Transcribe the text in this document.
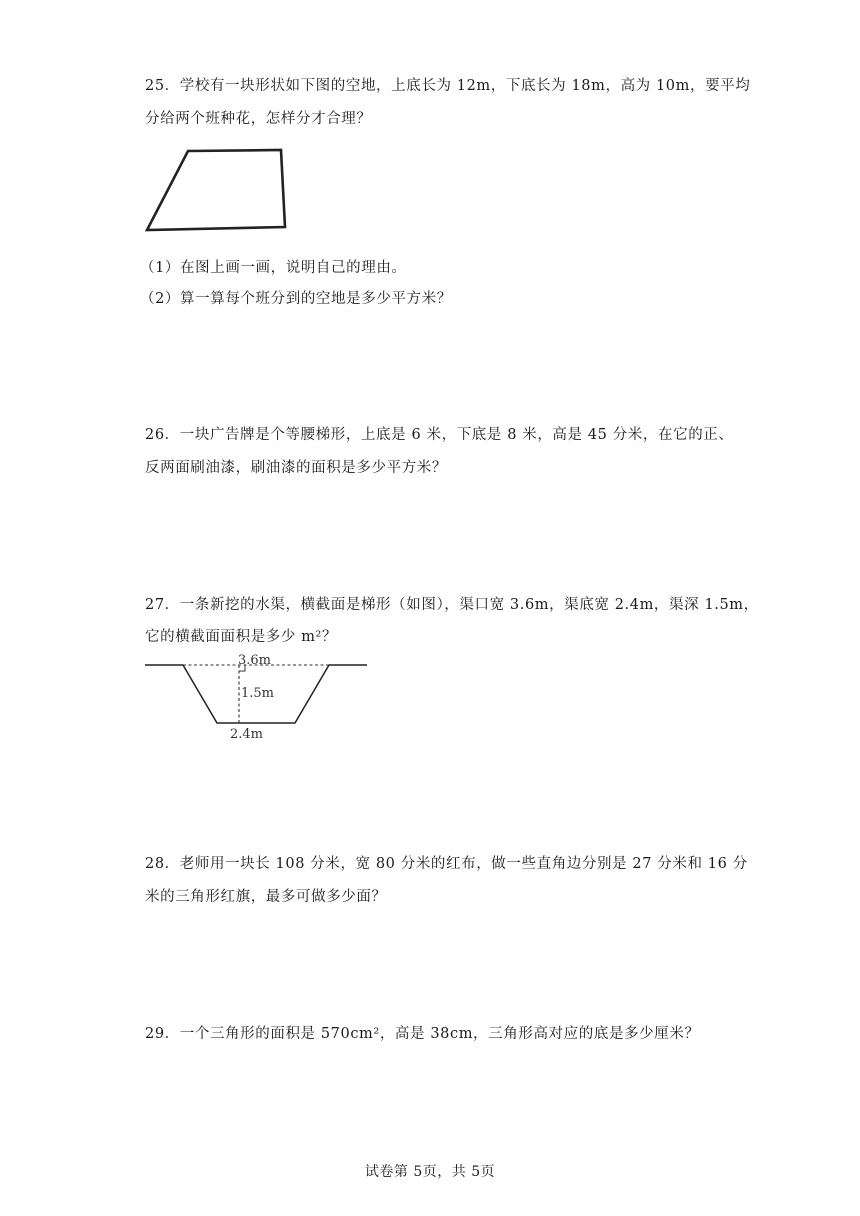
25．学校有一块形状如下图的空地，上底长为 12m，下底长为 18m，高为 10m，要平均
分给两个班种花，怎样分才合理？
（1）在图上画一画，说明自己的理由。
（2）算一算每个班分到的空地是多少平方米？
26．一块广告牌是个等腰梯形，上底是 6 米，下底是 8 米，高是 45 分米，在它的正、
反两面刷油漆，刷油漆的面积是多少平方米？
27．一条新挖的水渠，横截面是梯形（如图），渠口宽 3.6m，渠底宽 2.4m，渠深 1.5m，
它的横截面面积是多少 m²？
3.6m
1.5m
2.4m
28．老师用一块长 108 分米，宽 80 分米的红布，做一些直角边分别是 27 分米和 16 分
米的三角形红旗，最多可做多少面？
29．一个三角形的面积是 570cm²，高是 38cm，三角形高对应的底是多少厘米？
试卷第 5页，共 5页
